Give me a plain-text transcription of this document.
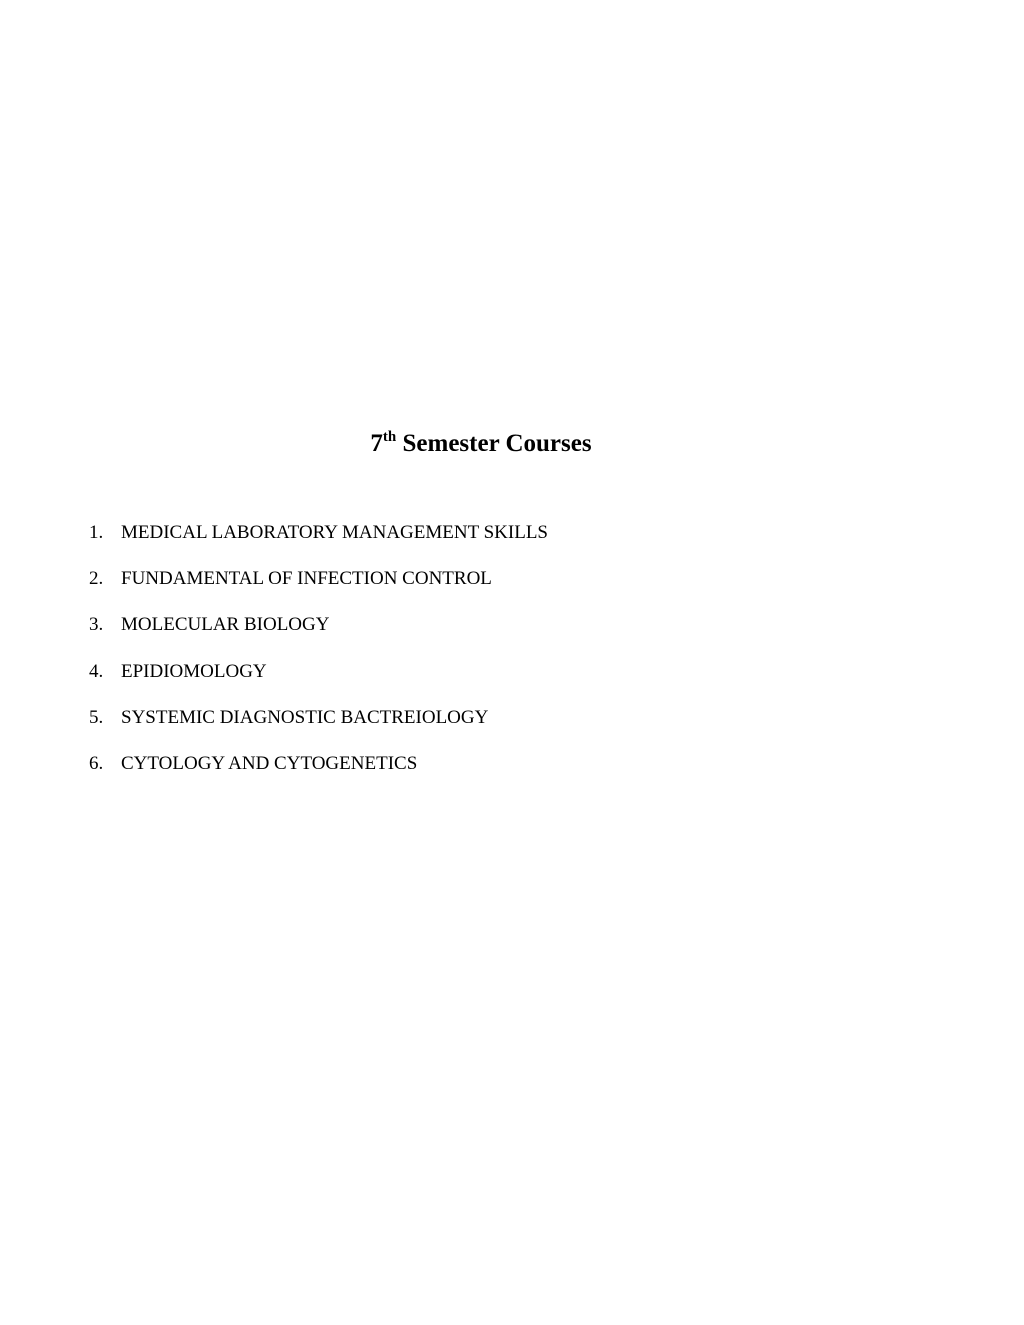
7th Semester Courses
1. MEDICAL LABORATORY MANAGEMENT SKILLS
2. FUNDAMENTAL OF INFECTION CONTROL
3. MOLECULAR BIOLOGY
4. EPIDIOMOLOGY
5. SYSTEMIC DIAGNOSTIC BACTREIOLOGY
6. CYTOLOGY AND CYTOGENETICS
